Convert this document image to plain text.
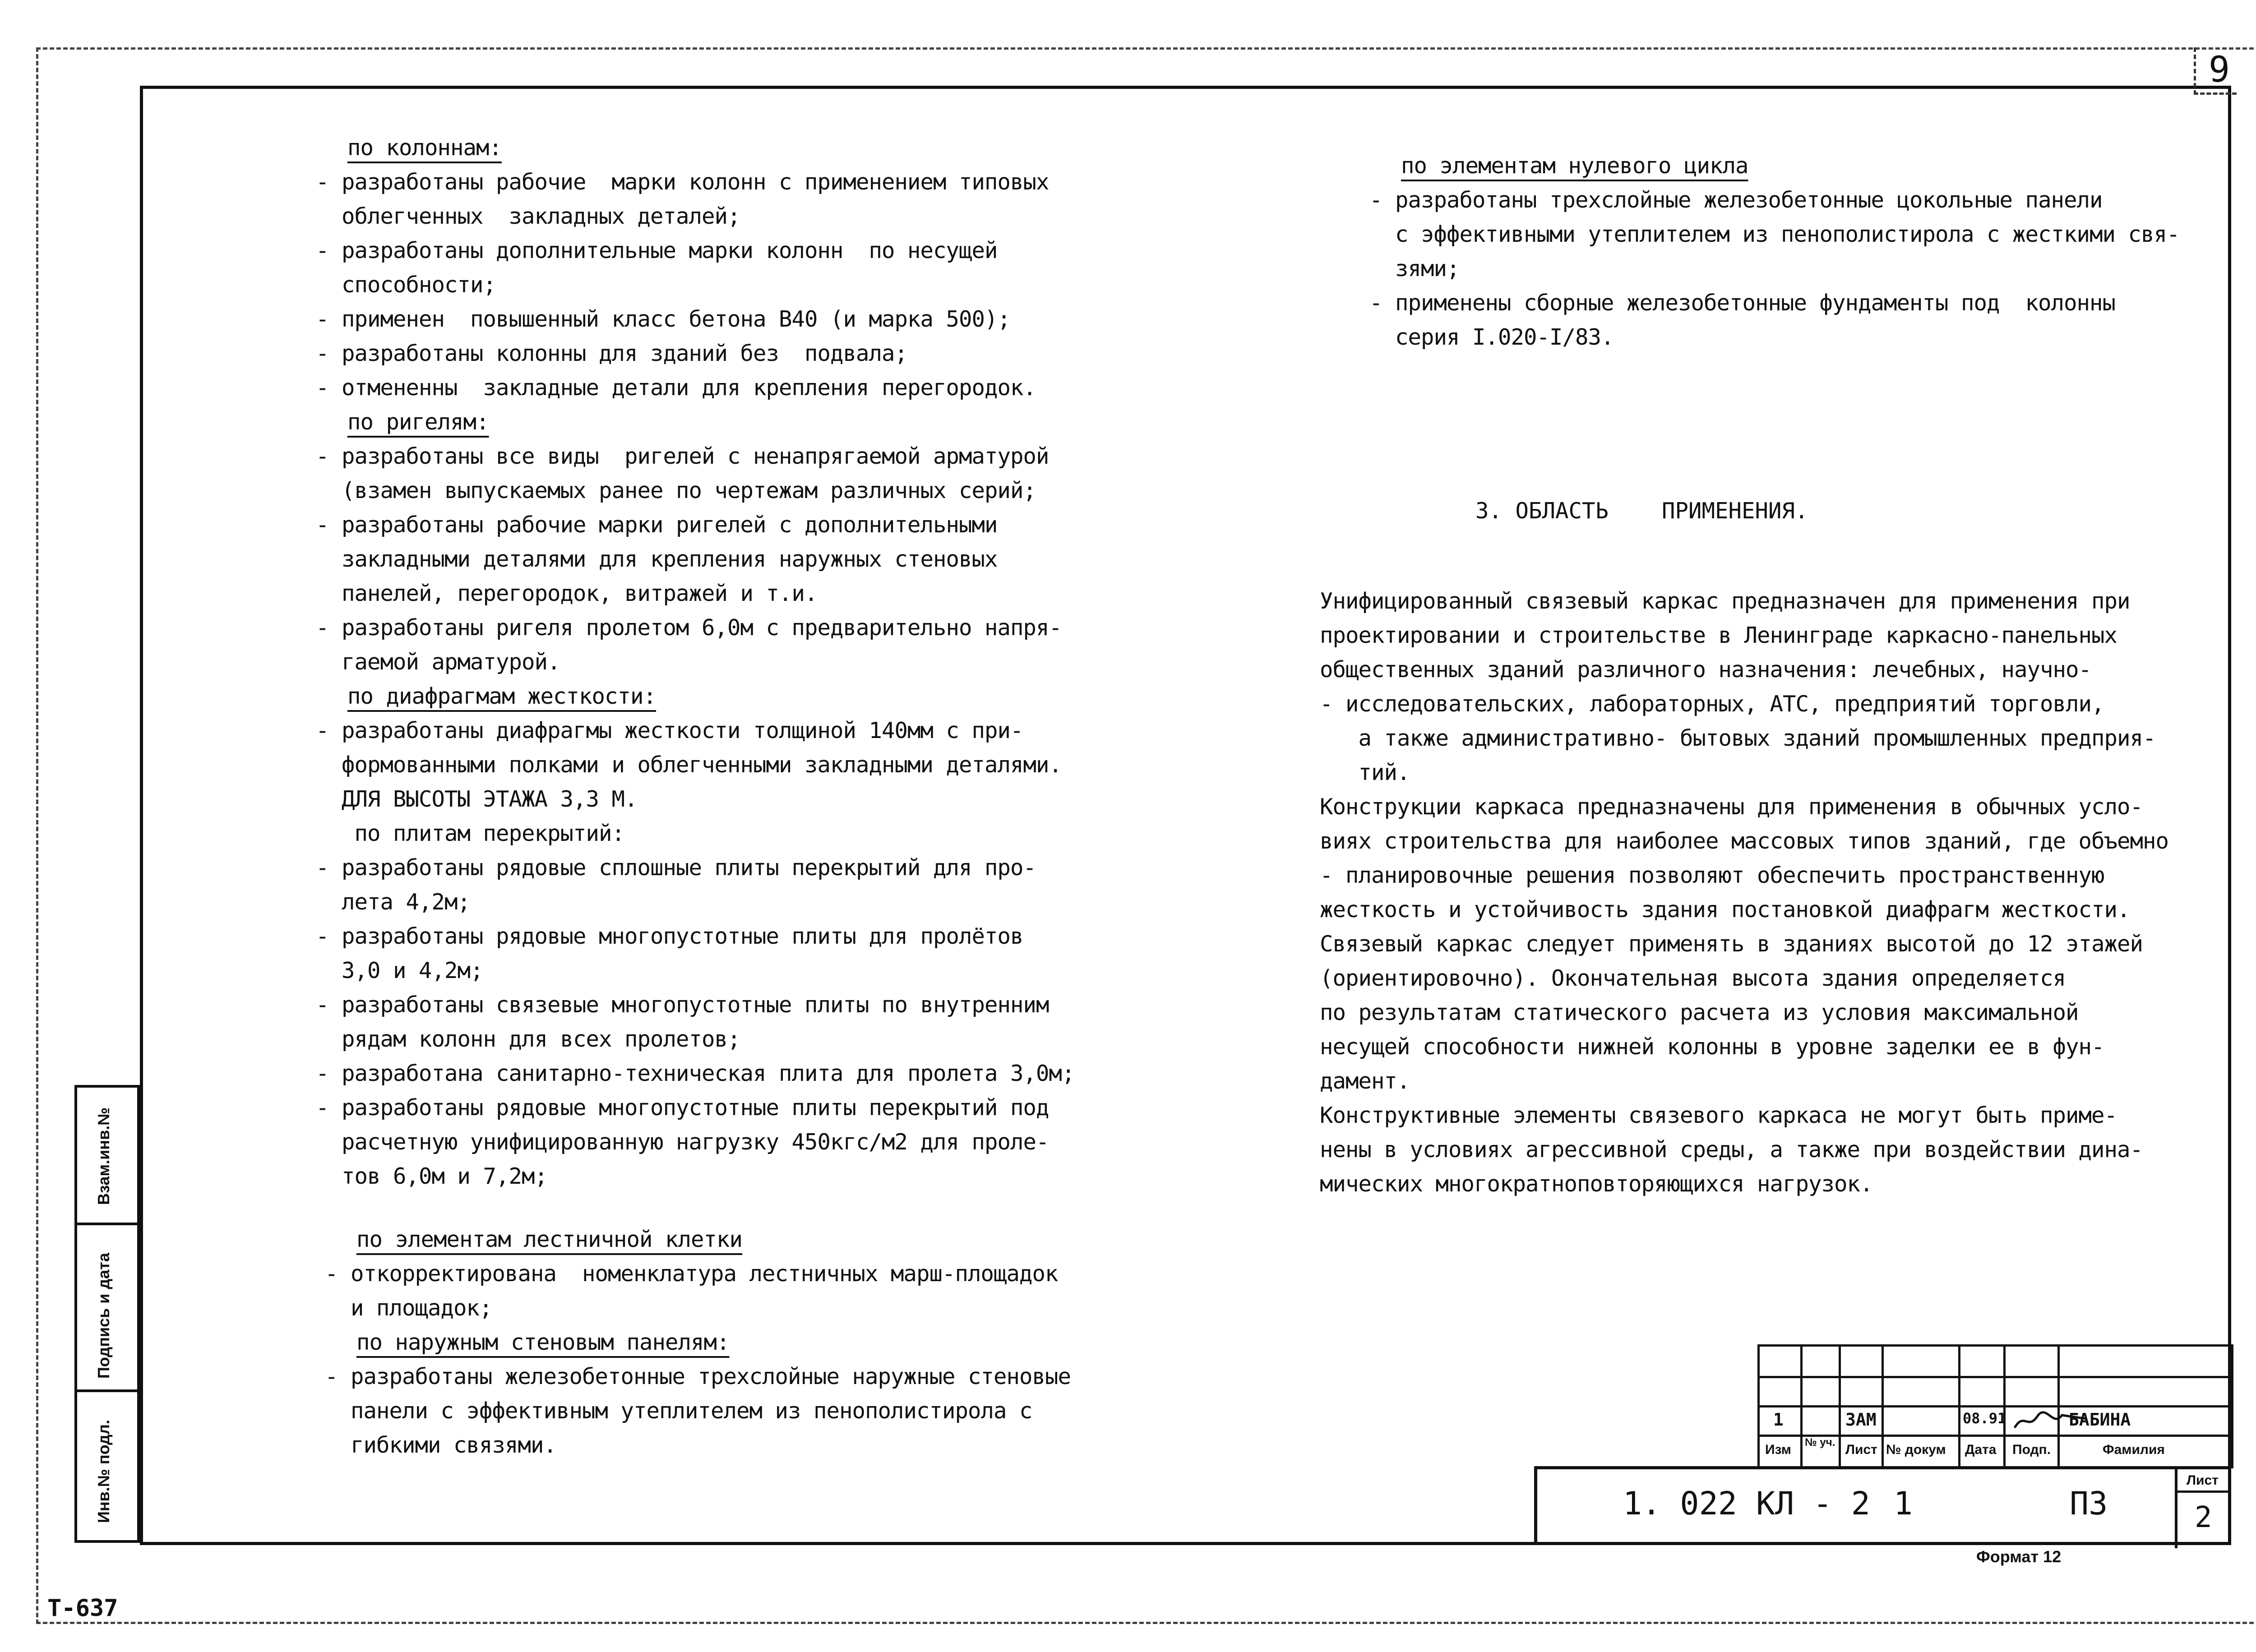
9
по колоннам:
- разработаны рабочие  марки колонн с применением типовых
облегченных  закладных деталей;
- разработаны дополнительные марки колонн  по несущей
способности;
- применен  повышенный класс бетона В40 (и марка 500);
- разработаны колонны для зданий без  подвала;
- отмененны  закладные детали для крепления перегородок.
по ригелям:
- разработаны все виды  ригелей с ненапрягаемой арматурой
(взамен выпускаемых ранее по чертежам различных серий;
- разработаны рабочие марки ригелей с дополнительными
закладными деталями для крепления наружных стеновых
панелей, перегородок, витражей и т.и.
- разработаны ригеля пролетом 6,0м с предварительно напря-
гаемой арматурой.
по диафрагмам жесткости:
- разработаны диафрагмы жесткости толщиной 140мм с при-
формованными полками и облегченными закладными деталями.
ДЛЯ ВЫСОТЫ ЭТАЖА 3,3 М.
по плитам перекрытий:
- разработаны рядовые сплошные плиты перекрытий для про-
лета 4,2м;
- разработаны рядовые многопустотные плиты для пролётов
3,0 и 4,2м;
- разработаны связевые многопустотные плиты по внутренним
рядам колонн для всех пролетов;
- разработана санитарно-техническая плита для пролета 3,0м;
- разработаны рядовые многопустотные плиты перекрытий под
расчетную унифицированную нагрузку 450кгс/м2 для проле-
тов 6,0м и 7,2м;
по элементам лестничной клетки
- откорректирована  номенклатура лестничных марш-площадок
и площадок;
по наружным стеновым панелям:
- разработаны железобетонные трехслойные наружные стеновые
панели с эффективным утеплителем из пенополистирола с
гибкими связями.
по элементам нулевого цикла
- разработаны трехслойные железобетонные цокольные панели
с эффективными утеплителем из пенополистирола с жесткими свя-
зями;
- применены сборные железобетонные фундаменты под  колонны
серия I.020-I/83.
3. ОБЛАСТЬ    ПРИМЕНЕНИЯ.
Унифицированный связевый каркас предназначен для применения при
проектировании и строительстве в Ленинграде каркасно-панельных
общественных зданий различного назначения: лечебных, научно-
- исследовательских, лабораторных, АТС, предприятий торговли,
а также административно- бытовых зданий промышленных предприя-
тий.
Конструкции каркаса предназначены для применения в обычных усло-
виях строительства для наиболее массовых типов зданий, где объемно
- планировочные решения позволяют обеспечить пространственную
жесткость и устойчивость здания постановкой диафрагм жесткости.
Связевый каркас следует применять в зданиях высотой до 12 этажей
(ориентировочно). Окончательная высота здания определяется
по результатам статического расчета из условия максимальной
несущей способности нижней колонны в уровне заделки ее в фун-
дамент.
Конструктивные элементы связевого каркаса не могут быть приме-
нены в условиях агрессивной среды, а также при воздействии дина-
мических многократноповторяющихся нагрузок.
Взам.инв.№
Подпись и дата
Инв.№ подл.
1	ЗАМ	08.91	БАБИНА
Изм № уч. Лист № докум Дата Подп.	Фамилия
1. 022 КЛ - 2 1	ПЗ
Лист
2
Формат 12
Т-637
